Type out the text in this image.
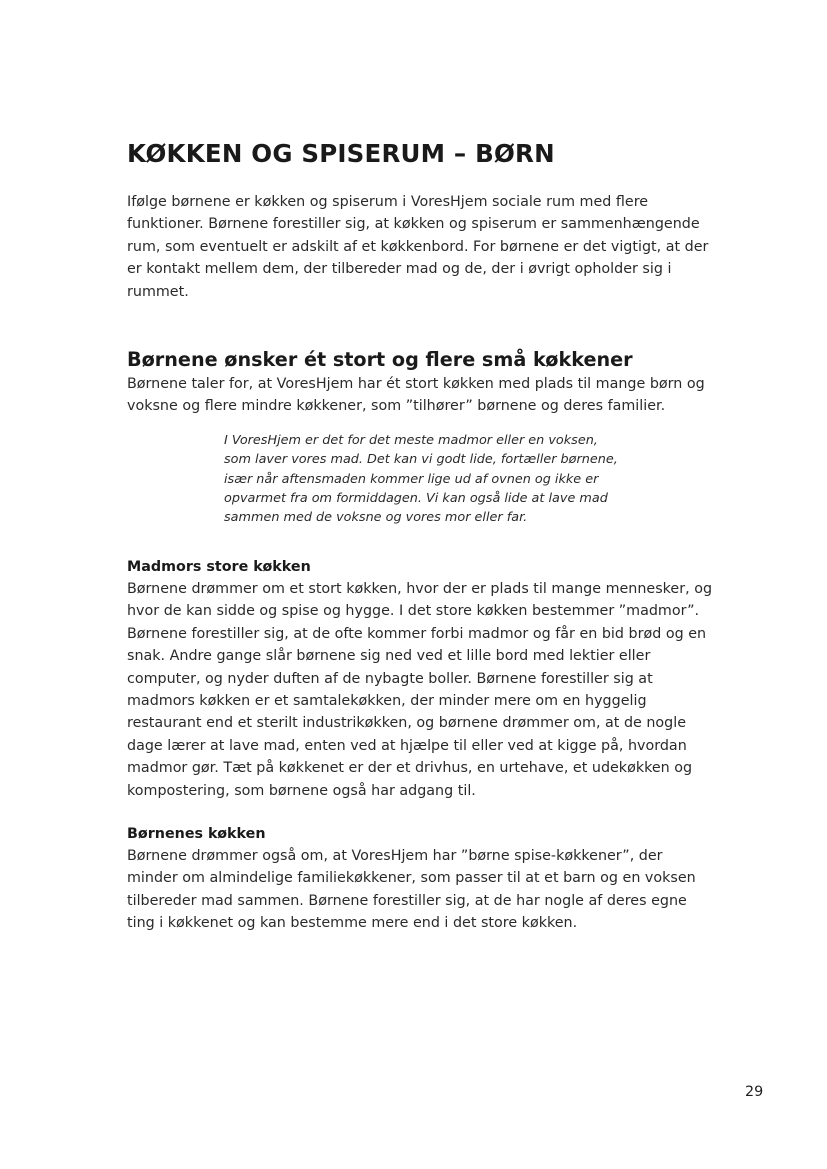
KØKKEN OG SPISERUM – BØRN

Ifølge børnene er køkken og spiserum i VoresHjem sociale rum med flere funktioner. Børnene forestiller sig, at køkken og spiserum er sammenhængende rum, som eventuelt er adskilt af et køkkenbord. For børnene er det vigtigt, at der er kontakt mellem dem, der tilbereder mad og de, der i øvrigt opholder sig i rummet.

Børnene ønsker ét stort og flere små køkkener

Børnene taler for, at VoresHjem har ét stort køkken med plads til mange børn og voksne og flere mindre køkkener, som ”tilhører” børnene og deres familier.

I VoresHjem er det for det meste madmor eller en voksen, som laver vores mad. Det kan vi godt lide, fortæller børnene, især når aftensmaden kommer lige ud af ovnen og ikke er opvarmet fra om formiddagen. Vi kan også lide at lave mad sammen med de voksne og vores mor eller far.
Madmors store køkken

Børnene drømmer om et stort køkken, hvor der er plads til mange mennesker, og hvor de kan sidde og spise og hygge. I det store køkken bestemmer ”madmor”. Børnene forestiller sig, at de ofte kommer forbi madmor og får en bid brød og en snak. Andre gange slår børnene sig ned ved et lille bord med lektier eller computer, og nyder duften af de nybagte boller. Børnene forestiller sig at madmors køkken er et samtalekøkken, der minder mere om en hyggelig restaurant end et sterilt industrikøkken, og børnene drømmer om, at de nogle dage lærer at lave mad, enten ved at hjælpe til eller ved at kigge på, hvordan madmor gør. Tæt på køkkenet er der et drivhus, en urtehave, et udekøkken og kompostering, som børnene også har adgang til.

Børnenes køkken

Børnene drømmer også om, at VoresHjem har ”børne spise-køkkener”, der minder om almindelige familiekøkkener, som passer til at et barn og en voksen tilbereder mad sammen. Børnene forestiller sig, at de har nogle af deres egne ting i køkkenet og kan bestemme mere end i det store køkken.

29
